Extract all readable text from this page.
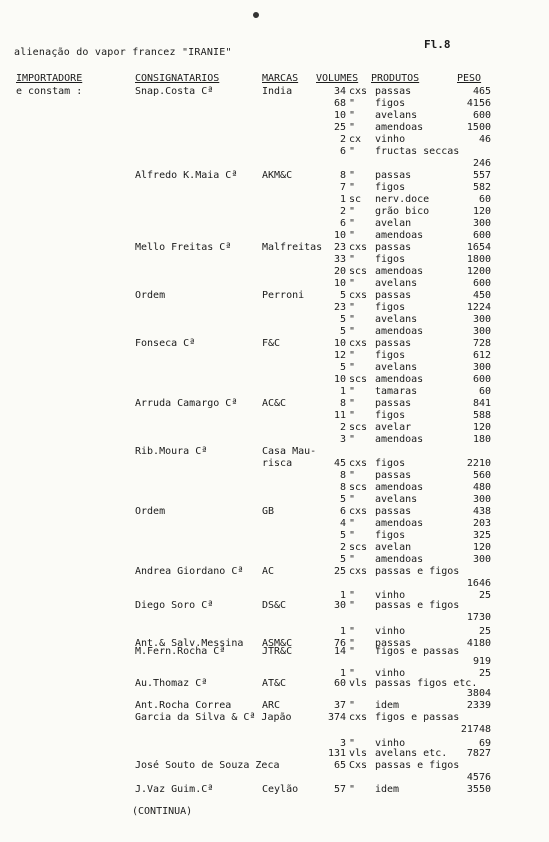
alienação do vapor francez "IRANIE"
Fl.8
IMPORTADORE	CONSIGNATARIOS	MARCAS VOLUMES PRODUTOS	PESO
e constam :	Snap.Costa Cª	India	34 cxs passas	465
68 " figos	4156
10 " avelans	600
25 " amendoas	1500
2 cx vinho	46
6 " fructas seccas
246
Alfredo K.Maia Cª AKM&C	8 " passas	557
7 " figos	582
1 sc nerv.doce	60
2 " grão bico	120
6 " avelan	300
10 " amendoas	600
Mello Freitas Cª	Malfreitas	23 cxs passas	1654
33 " figos	1800
20 scs amendoas	1200
10 " avelans	600
Ordem	Perroni	5 cxs passas	450
23 " figos	1224
5 " avelans	300
5 " amendoas	300
Fonseca Cª	F&C	10 cxs passas	728
12 " figos	612
5 " avelans	300
10 scs amendoas	600
1 " tamaras	60
Arruda Camargo Cª AC&C	8 " passas	841
11 " figos	588
2 scs avelar	120
3 " amendoas	180
Rib.Moura Cª	Casa Mau-
risca	45 cxs figos	2210
8 " passas	560
8 scs amendoas	480
5 " avelans	300
Ordem	GB	6 cxs passas	438
4 " amendoas	203
5 " figos	325
2 scs avelan	120
5 " amendoas	300
Andrea Giordano Cª AC	25 cxs passas e figos
1646
1 " vinho	25
Diego Soro Cª	DS&C	30 " passas e figos
1730
1 " vinho	25
Ant.& Salv.Messina ASM&C	76 " passas	4180
M.Fern.Rocha Cª	JTR&C	14 " figos e passas
919
1 " vinho	25
Au.Thomaz Cª	AT&C	60 vls passas figos etc.
3804
Ant.Rocha Correa	ARC	37 " idem	2339
Garcia da Silva & Cª Japão	374 cxs figos e passas
21748
3 " vinho	69
131 vls avelans etc.	7827
José Souto de Souza Zeca	65 Cxs passas e figos
4576
J.Vaz Guim.Cª	Ceylão	57 " idem	3550
(CONTINUA)
